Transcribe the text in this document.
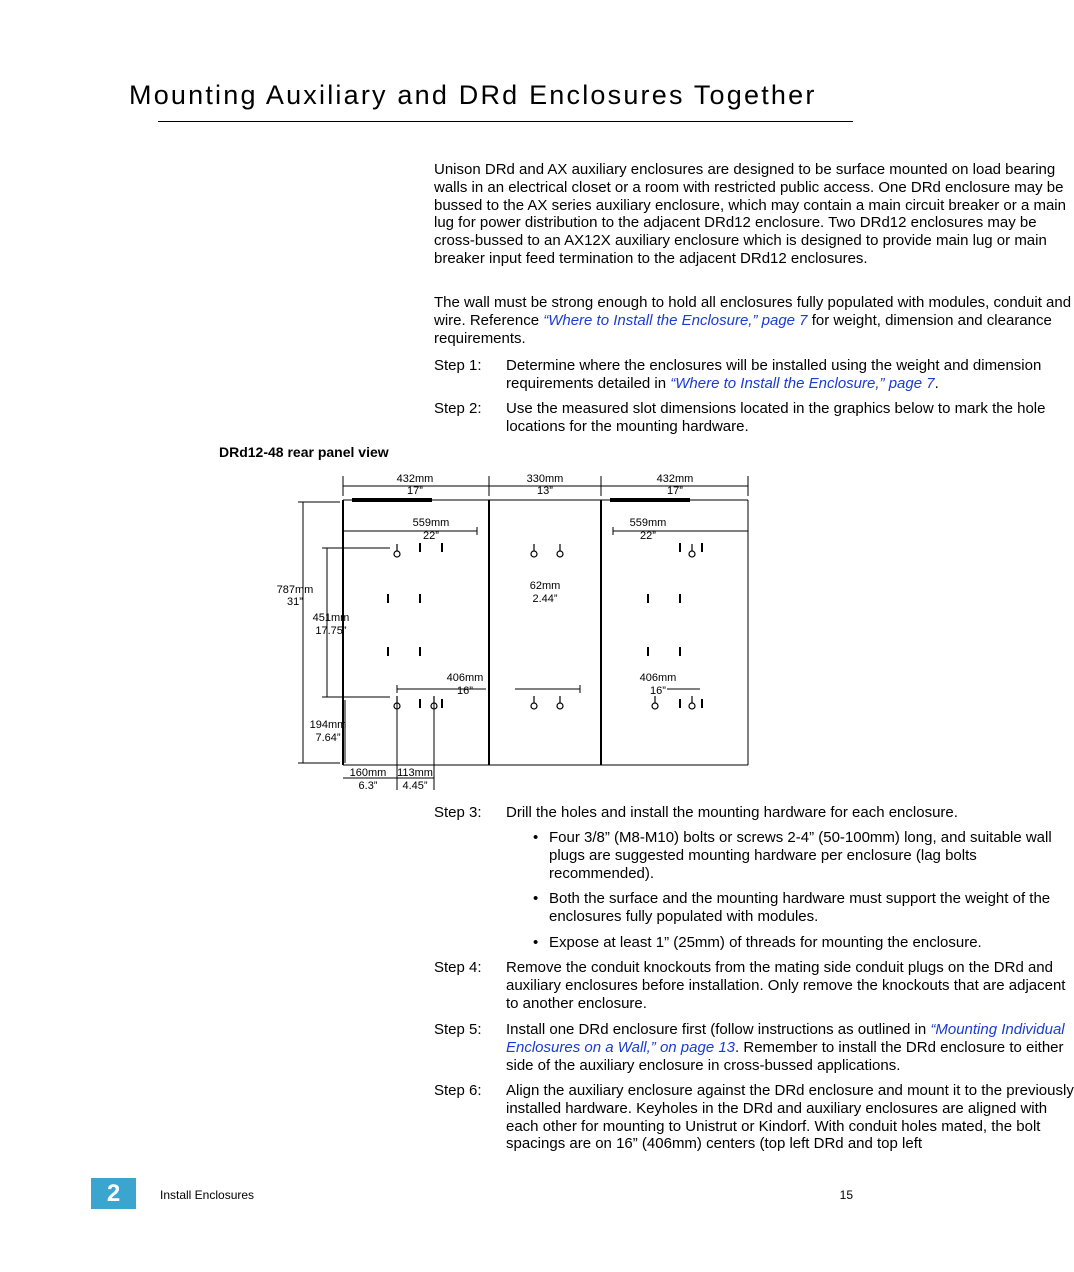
Mounting Auxiliary and DRd Enclosures Together

Unison DRd and AX auxiliary enclosures are designed to be surface mounted on load bearing walls in an electrical closet or a room with restricted public access. One DRd enclosure may be bussed to the AX series auxiliary enclosure, which may contain a main circuit breaker or a main lug for power distribution to the adjacent DRd12 enclosure. Two DRd12 enclosures may be cross-bussed to an AX12X auxiliary enclosure which is designed to provide main lug or main breaker input feed termination to the adjacent DRd12 enclosures.

The wall must be strong enough to hold all enclosures fully populated with modules, conduit and wire. Reference “Where to Install the Enclosure,” page 7 for weight, dimension and clearance requirements.

Step 1:	Determine where the enclosures will be installed using the weight and dimension requirements detailed in “Where to Install the Enclosure,” page 7.
Step 2:	Use the measured slot dimensions located in the graphics below to mark the hole locations for the mounting hardware.
Step 3:	Drill the holes and install the mounting hardware for each enclosure.
• Four 3/8” (M8-M10) bolts or screws 2-4” (50-100mm) long, and suitable wall plugs are suggested mounting hardware per enclosure (lag bolts recommended).
• Both the surface and the mounting hardware must support the weight of the enclosures fully populated with modules.
• Expose at least 1” (25mm) of threads for mounting the enclosure.
Step 4:	Remove the conduit knockouts from the mating side conduit plugs on the DRd and auxiliary enclosures before installation. Only remove the knockouts that are adjacent to another enclosure.
Step 5:	Install one DRd enclosure first (follow instructions as outlined in “Mounting Individual Enclosures on a Wall,” on page 13. Remember to install the DRd enclosure to either side of the auxiliary enclosure in cross-bussed applications.
Step 6:	Align the auxiliary enclosure against the DRd enclosure and mount it to the previously installed hardware. Keyholes in the DRd and auxiliary enclosures are aligned with each other for mounting to Unistrut or Kindorf. With conduit holes mated, the bolt spacings are on 16” (406mm) centers (top left DRd and top left
DRd12-48 rear panel view
432mm
17”
330mm
13”
432mm
17”
559mm
22”
559mm
22”
787mm
31”
451mm
17.75”
62mm
2.44”
406mm
16”
406mm
16”
194mm
7.64”
160mm
6.3”
113mm
4.45”
2	Install Enclosures	15
